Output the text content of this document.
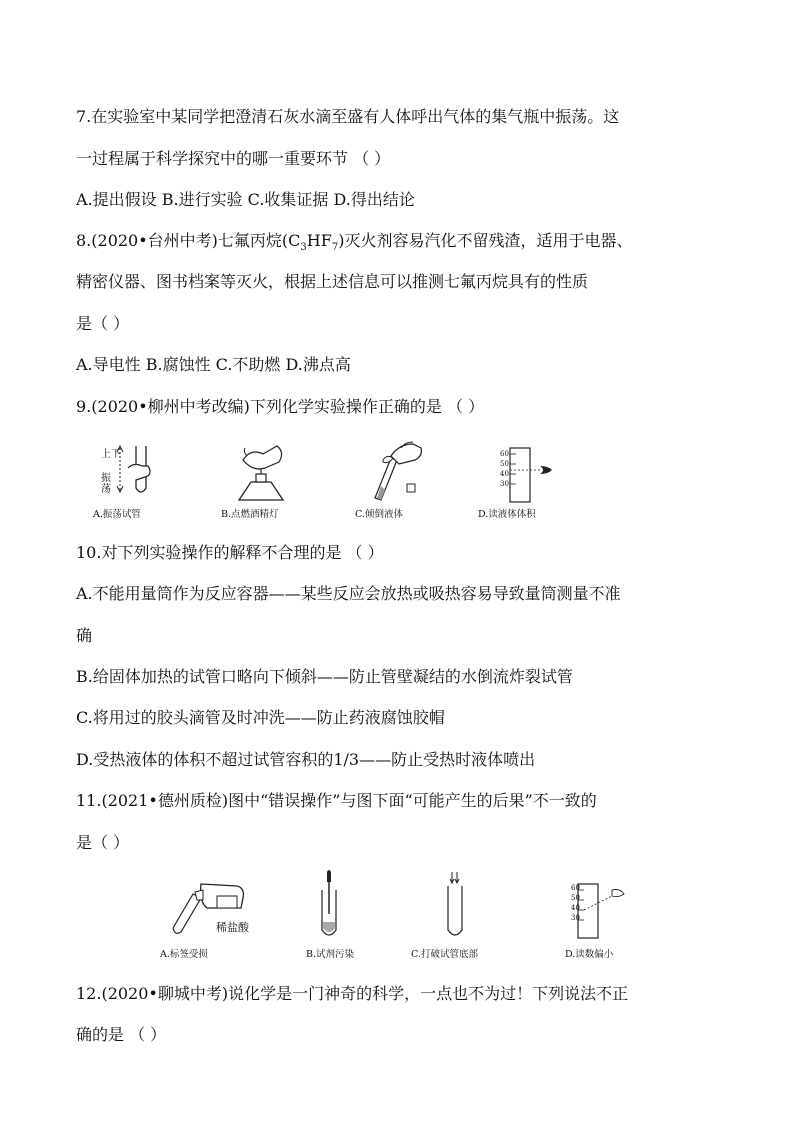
7.在实验室中某同学把澄清石灰水滴至盛有人体呼出气体的集气瓶中振荡。这
一过程属于科学探究中的哪一重要环节 （ ）
A.提出假设 B.进行实验 C.收集证据 D.得出结论
8.(2020•台州中考)七氟丙烷$(C_3HF_7)$灭火剂容易汽化不留残渣，适用于电器、
精密仪器、图书档案等灭火，根据上述信息可以推测七氟丙烷具有的性质
是（ ）
A.导电性 B.腐蚀性 C.不助燃 D.沸点高
9.(2020•柳州中考改编)下列化学实验操作正确的是 （ ）
上下
振荡
A.振荡试管	B.点燃酒精灯	C.倾倒液体
60
50
40
30
D.读液体体积
10.对下列实验操作的解释不合理的是 （ ）
A.不能用量筒作为反应容器——某些反应会放热或吸热容易导致量筒测量不准
确
B.给固体加热的试管口略向下倾斜——防止管壁凝结的水倒流炸裂试管
C.将用过的胶头滴管及时冲洗——防止药液腐蚀胶帽
D.受热液体的体积不超过试管容积的1/3——防止受热时液体喷出
11.(2021•德州质检)图中“错误操作”与图下面“可能产生的后果”不一致的
是（ ）
稀盐酸
A.标签受损	B.试剂污染	C.打破试管底部
60
50
40
30
D.读数偏小
12.(2020•聊城中考)说化学是一门神奇的科学，一点也不为过！下列说法不正
确的是 （ ）
